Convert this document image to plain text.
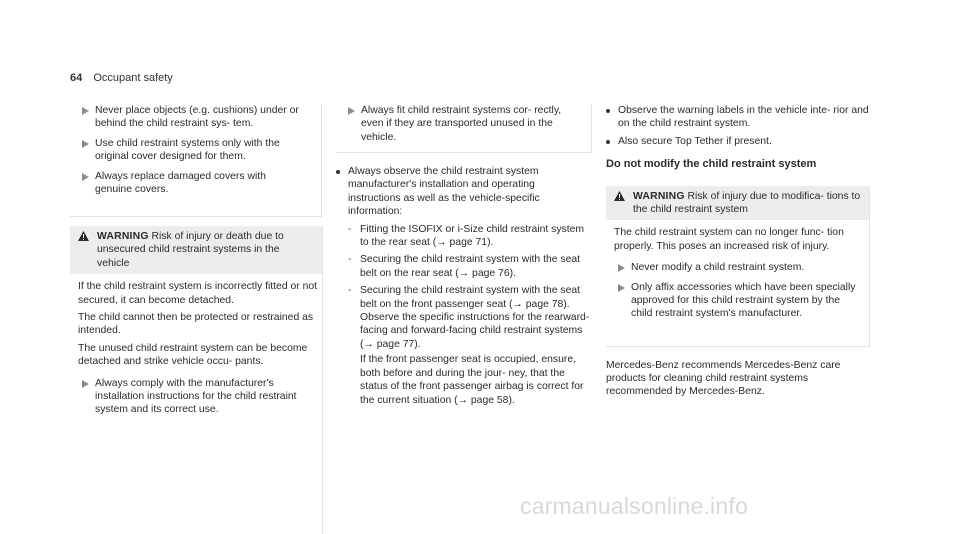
64 Occupant safety

Never place objects (e.g. cushions) under or behind the child restraint sys- tem.

Use child restraint systems only with the original cover designed for them.

Always replace damaged covers with genuine covers.

WARNING Risk of injury or death due to unsecured child restraint systems in the vehicle

If the child restraint system is incorrectly fitted or not secured, it can become detached.

The child cannot then be protected or restrained as intended.

The unused child restraint system can be become detached and strike vehicle occu- pants.

Always comply with the manufacturer's installation instructions for the child restraint system and its correct use.

Always fit child restraint systems cor- rectly, even if they are transported unused in the vehicle.

Always observe the child restraint system manufacturer's installation and operating instructions as well as the vehicle-specific information:

- Fitting the ISOFIX or i-Size child restraint system to the rear seat (→ page 71).

- Securing the child restraint system with the seat belt on the rear seat (→ page 76).

- Securing the child restraint system with the seat belt on the front passenger seat (→ page 78). Observe the specific instructions for the rearward-facing and forward-facing child restraint systems (→ page 77).

If the front passenger seat is occupied, ensure, both before and during the jour- ney, that the status of the front passenger airbag is correct for the current situation (→ page 58).

Observe the warning labels in the vehicle inte- rior and on the child restraint system.

Also secure Top Tether if present.

Do not modify the child restraint system
WARNING Risk of injury due to modifica- tions to the child restraint system

The child restraint system can no longer func- tion properly. This poses an increased risk of injury.

Never modify a child restraint system.

Only affix accessories which have been specially approved for this child restraint system by the child restraint system's manufacturer.

Mercedes-Benz recommends Mercedes-Benz care products for cleaning child restraint systems recommended by Mercedes-Benz.

carmanualsonline.info
